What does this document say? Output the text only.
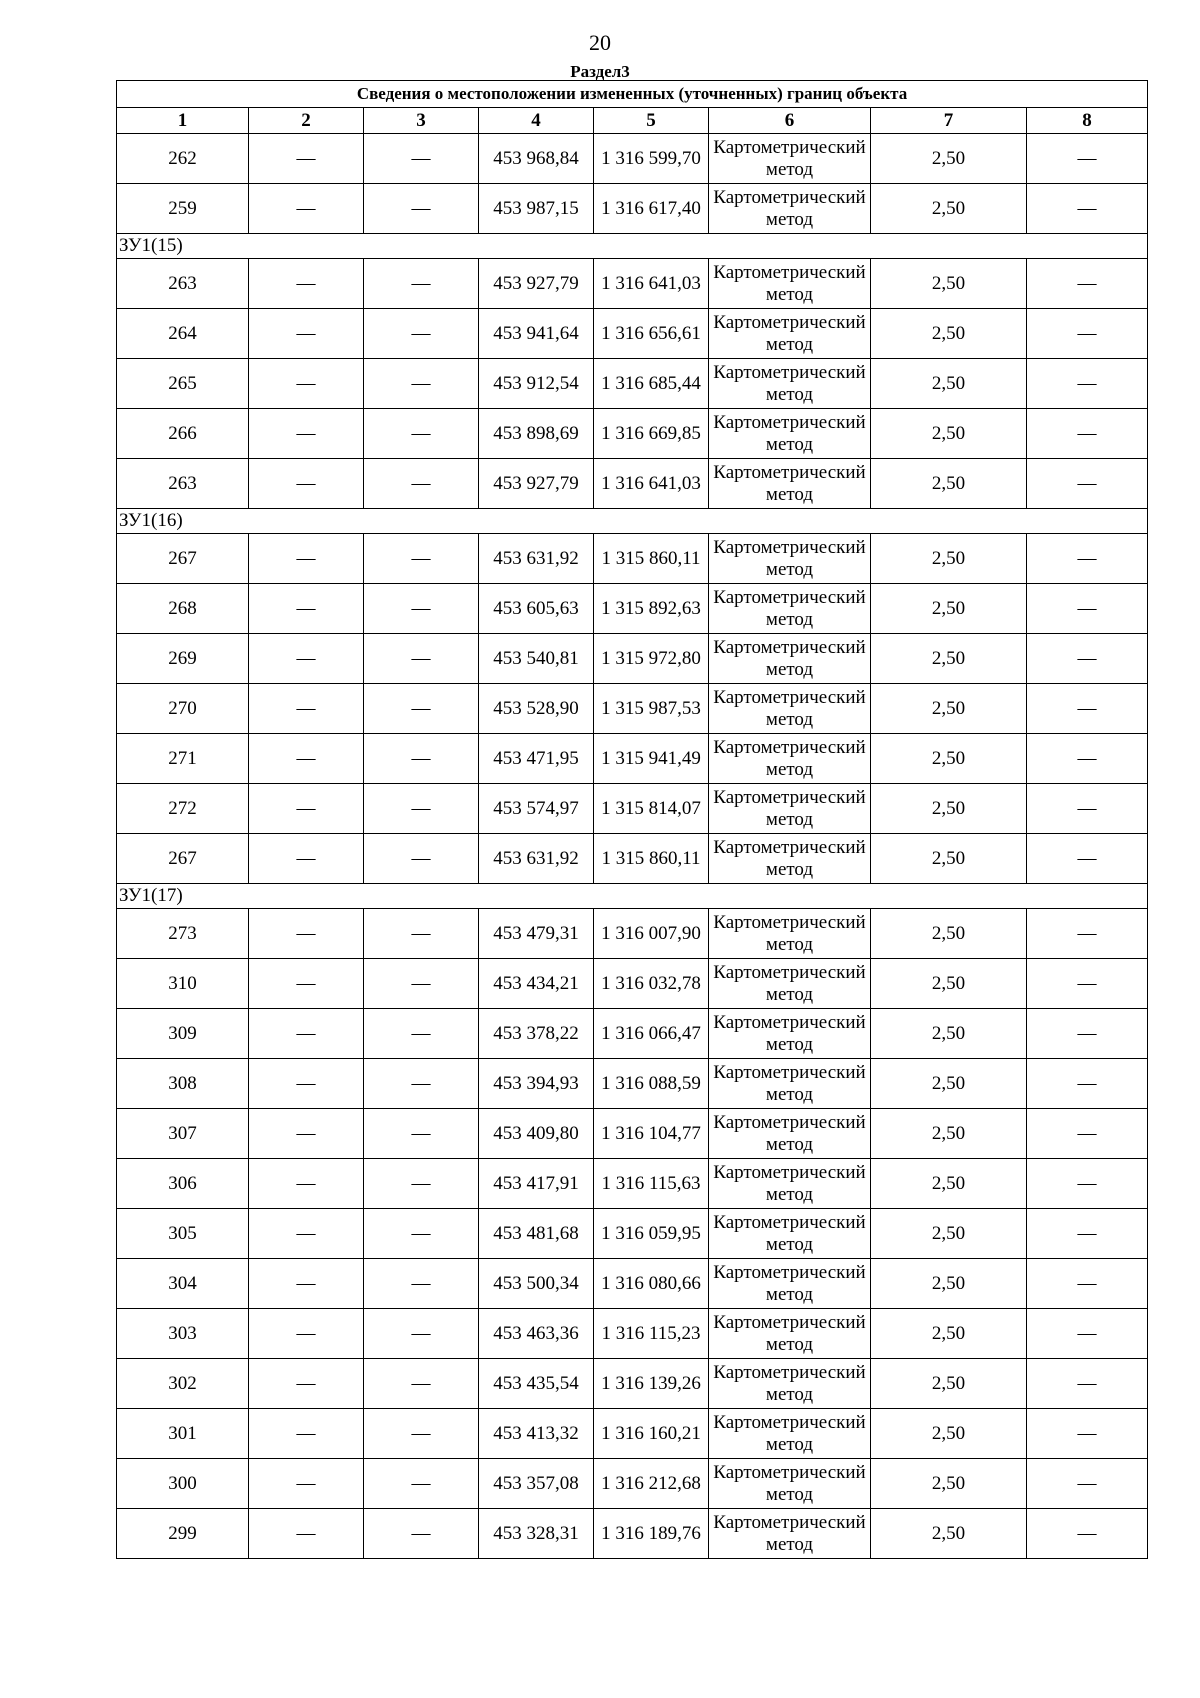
20
Раздел3
Сведения о местоположении измененных (уточненных) границ объекта							
1	2	3	4	5	6	7	8
262	—	—	453 968,84	1 316 599,70	Картометрический метод	2,50	—
259	—	—	453 987,15	1 316 617,40	Картометрический метод	2,50	—
ЗУ1(15)							
263	—	—	453 927,79	1 316 641,03	Картометрический метод	2,50	—
264	—	—	453 941,64	1 316 656,61	Картометрический метод	2,50	—
265	—	—	453 912,54	1 316 685,44	Картометрический метод	2,50	—
266	—	—	453 898,69	1 316 669,85	Картометрический метод	2,50	—
263	—	—	453 927,79	1 316 641,03	Картометрический метод	2,50	—
ЗУ1(16)							
267	—	—	453 631,92	1 315 860,11	Картометрический метод	2,50	—
268	—	—	453 605,63	1 315 892,63	Картометрический метод	2,50	—
269	—	—	453 540,81	1 315 972,80	Картометрический метод	2,50	—
270	—	—	453 528,90	1 315 987,53	Картометрический метод	2,50	—
271	—	—	453 471,95	1 315 941,49	Картометрический метод	2,50	—
272	—	—	453 574,97	1 315 814,07	Картометрический метод	2,50	—
267	—	—	453 631,92	1 315 860,11	Картометрический метод	2,50	—
ЗУ1(17)							
273	—	—	453 479,31	1 316 007,90	Картометрический метод	2,50	—
310	—	—	453 434,21	1 316 032,78	Картометрический метод	2,50	—
309	—	—	453 378,22	1 316 066,47	Картометрический метод	2,50	—
308	—	—	453 394,93	1 316 088,59	Картометрический метод	2,50	—
307	—	—	453 409,80	1 316 104,77	Картометрический метод	2,50	—
306	—	—	453 417,91	1 316 115,63	Картометрический метод	2,50	—
305	—	—	453 481,68	1 316 059,95	Картометрический метод	2,50	—
304	—	—	453 500,34	1 316 080,66	Картометрический метод	2,50	—
303	—	—	453 463,36	1 316 115,23	Картометрический метод	2,50	—
302	—	—	453 435,54	1 316 139,26	Картометрический метод	2,50	—
301	—	—	453 413,32	1 316 160,21	Картометрический метод	2,50	—
300	—	—	453 357,08	1 316 212,68	Картометрический метод	2,50	—
299	—	—	453 328,31	1 316 189,76	Картометрический метод	2,50	—
